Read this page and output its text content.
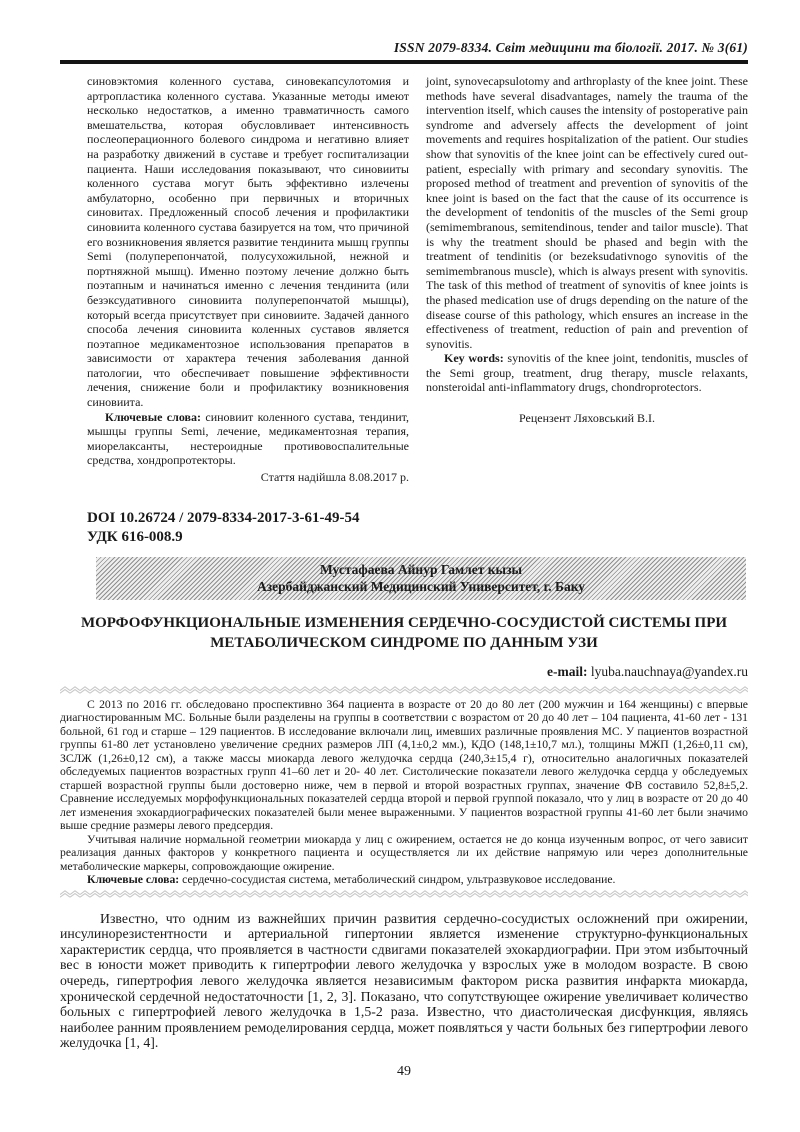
ISSN 2079-8334. Світ медицини та біології. 2017. № 3(61)

синовэктомия коленного сустава, синовекапсулотомия и артропластика коленного сустава. Указанные методы имеют несколько недостатков, а именно травматичность самого вмешательства, которая обусловливает интенсивность послеоперационного болевого синдрома и негативно влияет на разработку движений в суставе и требует госпитализации пациента. Наши исследования показывают, что синовииты коленного сустава могут быть эффективно излечены амбулаторно, особенно при первичных и вторичных синовитах. Предложенный способ лечения и профилактики синовиита коленного сустава базируется на том, что причиной его возникновения является развитие тендинита мышц группы Semi (полуперепончатой, полусухожильной, нежной и портняжной мышц). Именно поэтому лечение должно быть поэтапным и начинаться именно с лечения тендинита (или безэксудативного синовиита полуперепончатой мышцы), который всегда присутствует при синовиите. Задачей данного способа лечения синовиита коленных суставов является поэтапное медикаментозное использования препаратов в зависимости от характера течения заболевания данной патологии, что обеспечивает повышение эффективности лечения, снижение боли и профилактику возникновения синовиита.

Ключевые слова: синовиит коленного сустава, тендинит, мышцы группы Semi, лечение, медикаментозная терапия, миорелаксанты, нестероидные противовоспалительные средства, хондропротекторы.

Стаття надійшла 8.08.2017 р.

joint, synovecapsulotomy and arthroplasty of the knee joint. These methods have several disadvantages, namely the trauma of the intervention itself, which causes the intensity of postoperative pain syndrome and adversely affects the development of joint movements and requires hospitalization of the patient. Our studies show that synovitis of the knee joint can be effectively cured out-patient, especially with primary and secondary synovitis. The proposed method of treatment and prevention of synovitis of the knee joint is based on the fact that the cause of its occurrence is the development of tendonitis of the muscles of the Semi group (semimembranous, semitendinous, tender and tailor muscle). That is why the treatment should be phased and begin with the treatment of tendinitis (or bezeksudativnogo synovitis of the semimembranous muscle), which is always present with synovitis. The task of this method of treatment of synovitis of knee joints is the phased medication use of drugs depending on the nature of the disease course of this pathology, which ensures an increase in the effectiveness of treatment, reduction of pain and prevention of synovitis.

Key words: synovitis of the knee joint, tendonitis, muscles of the Semi group, treatment, drug therapy, muscle relaxants, nonsteroidal anti-inflammatory drugs, chondroprotectors.

Рецензент Ляховський В.І.
DOI 10.26724 / 2079-8334-2017-3-61-49-54
УДК 616-008.9
Мустафаева Айнур Гамлет кызы
Азербайджанский Медицинский Университет, г. Баку
МОРФОФУНКЦИОНАЛЬНЫЕ ИЗМЕНЕНИЯ СЕРДЕЧНО-СОСУДИСТОЙ СИСТЕМЫ ПРИ МЕТАБОЛИЧЕСКОМ СИНДРОМЕ ПО ДАННЫМ УЗИ
e-mail: lyuba.nauchnaya@yandex.ru

С 2013 по 2016 гг. обследовано проспективно 364 пациента в возрасте от 20 до 80 лет (200 мужчин и 164 женщины) с впервые диагностированным МС. Больные были разделены на группы в соответствии с возрастом от 20 до 40 лет – 104 пациента, 41-60 лет - 131 больной, 61 год и старше – 129 пациентов. В исследование включали лиц, имевших различные проявления МС. У пациентов возрастной группы 61-80 лет установлено увеличение средних размеров ЛП (4,1±0,2 мм.), КДО (148,1±10,7 мл.), толщины МЖП (1,26±0,11 см), ЗСЛЖ (1,26±0,12 см), а также массы миокарда левого желудочка сердца (240,3±15,4 г), относительно аналогичных показателей обследуемых пациентов возрастных групп 41–60 лет и 20- 40 лет. Систолические показатели левого желудочка сердца у обследуемых старшей возрастной группы были достоверно ниже, чем в первой и второй возрастных группах, значение ФВ составило 52,8±5,2. Сравнение исследуемых морфофункциональных показателей сердца второй и первой группой показало, что у лиц в возрасте от 20 до 40 лет изменения эхокардиографических показателей были менее выраженными. У пациентов возрастной группы 41-60 лет были значимо выше средние размеры левого предсердия.

Учитывая наличие нормальной геометрии миокарда у лиц с ожирением, остается не до конца изученным вопрос, от чего зависит реализация данных факторов у конкретного пациента и осуществляется ли их действие напрямую или через дополнительные метаболические маркеры, сопровождающие ожирение.

Ключевые слова: сердечно-сосудистая система, метаболический синдром, ультразвуковое исследование.

Известно, что одним из важнейших причин развития сердечно-сосудистых осложнений при ожирении, инсулинорезистентности и артериальной гипертонии является изменение структурно-функциональных характеристик сердца, что проявляется в частности сдвигами показателей эхокардиографии. При этом избыточный вес в юности может приводить к гипертрофии левого желудочка у взрослых уже в молодом возрасте. В свою очередь, гипертрофия левого желудочка является независимым фактором риска развития инфаркта миокарда, хронической сердечной недостаточности [1, 2, 3]. Показано, что сопутствующее ожирение увеличивает количество больных с гипертрофией левого желудочка в 1,5-2 раза. Известно, что диастолическая дисфункция, являясь наиболее ранним проявлением ремоделирования сердца, может появляться у части больных без гипертрофии левого желудочка [1, 4].

49
